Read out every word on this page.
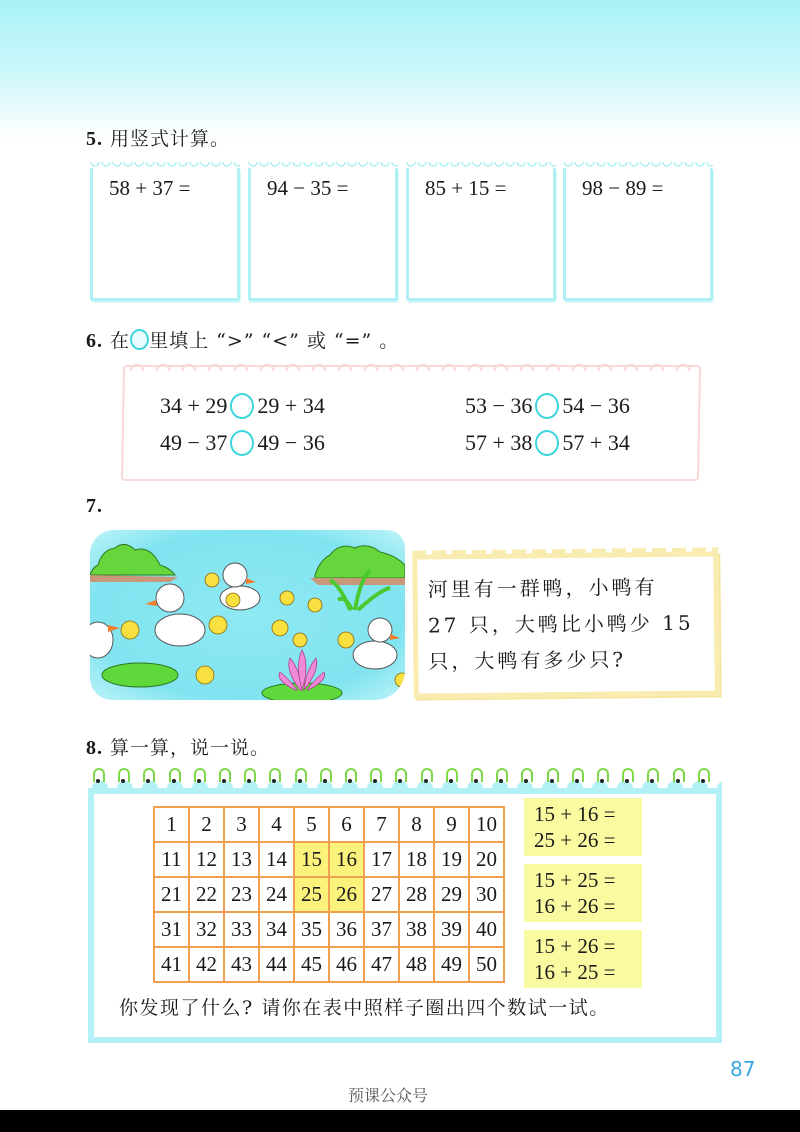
5. 用竖式计算。
58 + 37 =	94 − 35 =	85 + 15 =	98 − 89 =
6. 在 里填上 “>” “<” 或 “=” 。
34 + 29 29 + 34	53 − 36 54 − 36
49 − 37 49 − 36	57 + 38 57 + 34
7.
河里有一群鸭，小鸭有
27 只，大鸭比小鸭少 15
只，大鸭有多少只?
8. 算一算，说一说。
1	2	3	4	5	6	7	8	9	10
11	12	13	14	15	16	17	18	19	20
21	22	23	24	25	26	27	28	29	30
31	32	33	34	35	36	37	38	39	40
41	42	43	44	45	46	47	48	49	50
15 + 16 =
25 + 26 =
15 + 25 =
16 + 26 =
15 + 26 =
16 + 25 =
你发现了什么? 请你在表中照样子圈出四个数试一试。
87
预课公众号
